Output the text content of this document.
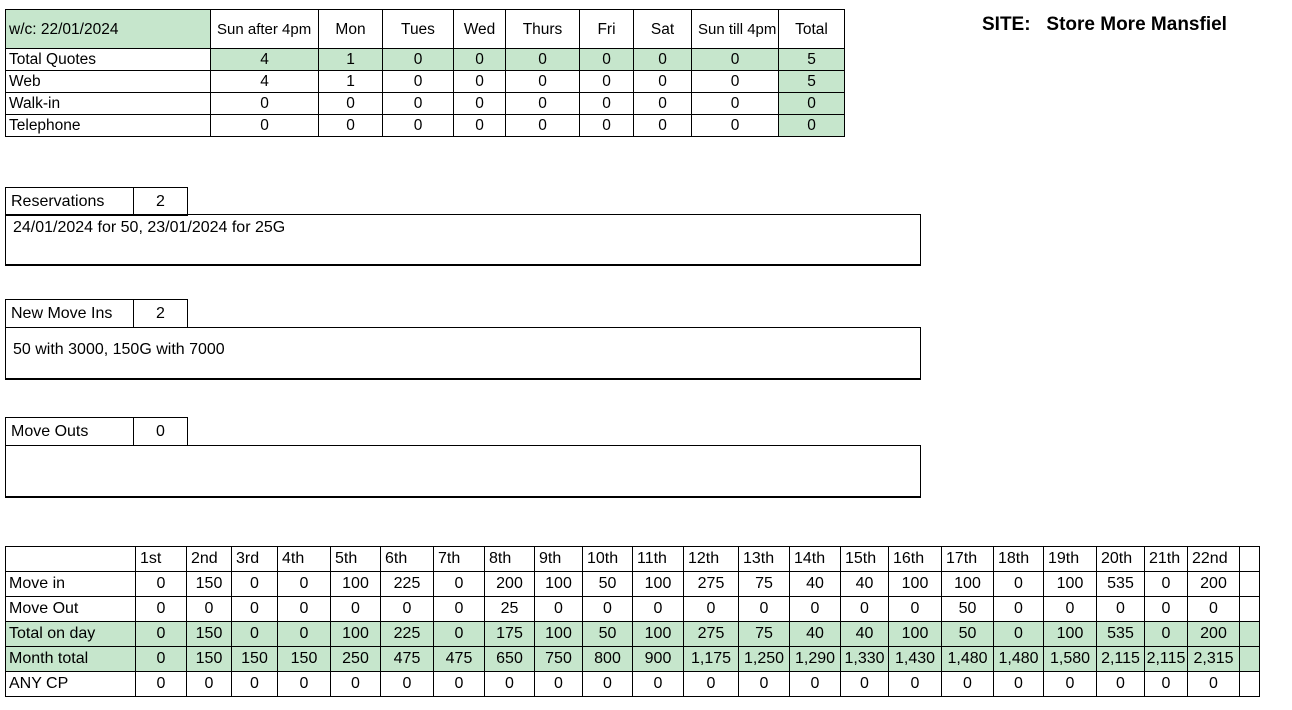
w/c: 22/01/2024	Sun after 4pm	Mon	Tues	Wed	Thurs	Fri	Sat	Sun till 4pm	Total
Total Quotes	4	1	0	0	0	0	0	0	5
Web	4	1	0	0	0	0	0	0	5
Walk-in	0	0	0	0	0	0	0	0	0
Telephone	0	0	0	0	0	0	0	0	0
SITE: Store More Mansfiel
Reservations	2
24/01/2024 for 50, 23/01/2024 for 25G
New Move Ins	2
50 with 3000, 150G with 7000
Move Outs	0
	1st	2nd	3rd	4th	5th	6th	7th	8th	9th	10th	11th	12th	13th	14th	15th	16th	17th	18th	19th	20th	21th	22nd	
Move in	0	150	0	0	100	225	0	200	100	50	100	275	75	40	40	100	100	0	100	535	0	200	
Move Out	0	0	0	0	0	0	0	25	0	0	0	0	0	0	0	0	50	0	0	0	0	0	
Total on day	0	150	0	0	100	225	0	175	100	50	100	275	75	40	40	100	50	0	100	535	0	200	
Month total	0	150	150	150	250	475	475	650	750	800	900	1,175	1,250	1,290	1,330	1,430	1,480	1,480	1,580	2,115	2,115	2,315	
ANY CP	0	0	0	0	0	0	0	0	0	0	0	0	0	0	0	0	0	0	0	0	0	0	
